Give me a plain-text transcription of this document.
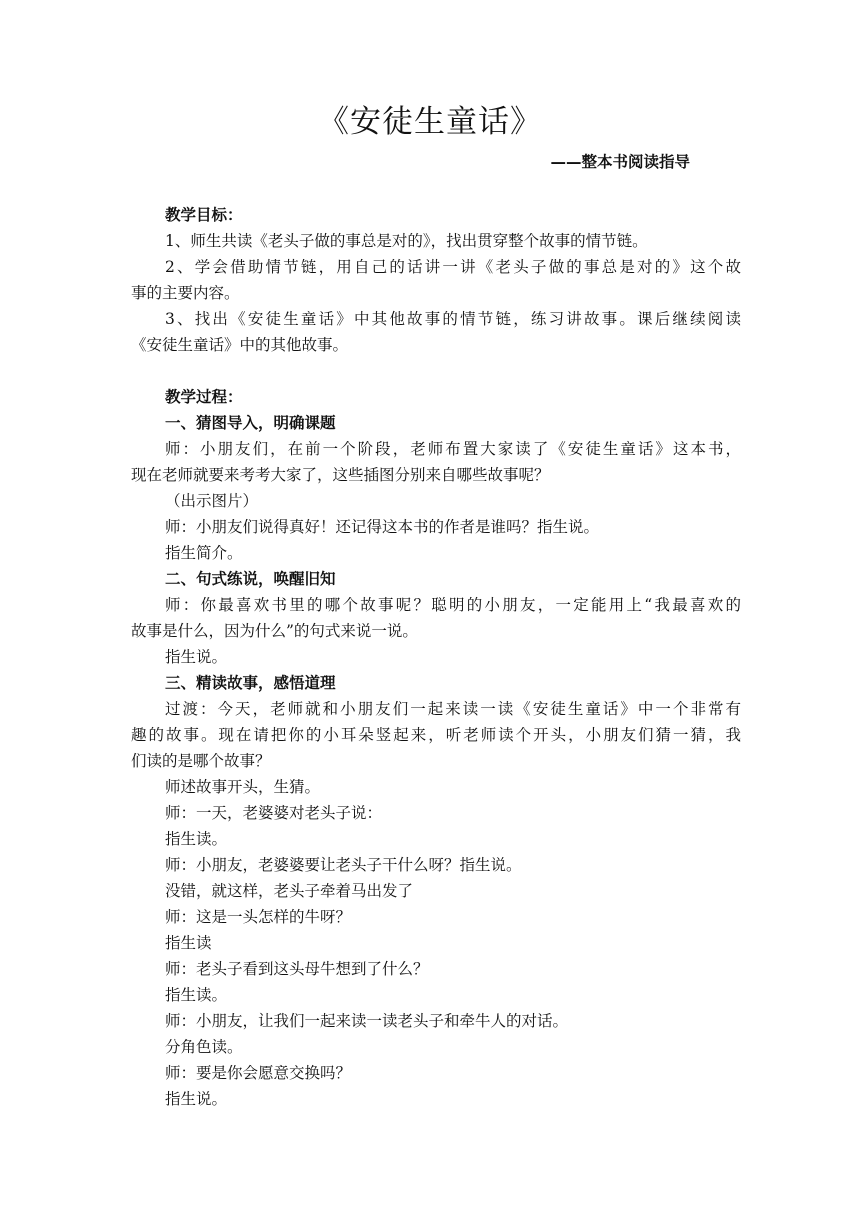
《安徒生童话》
——整本书阅读指导
教学目标：
1、师生共读《老头子做的事总是对的》，找出贯穿整个故事的情节链。
2、学会借助情节链，用自己的话讲一讲《老头子做的事总是对的》这个故
事的主要内容。
3、找出《安徒生童话》中其他故事的情节链，练习讲故事。课后继续阅读
《安徒生童话》中的其他故事。
教学过程：
一、猜图导入，明确课题
师：小朋友们，在前一个阶段，老师布置大家读了《安徒生童话》这本书，
现在老师就要来考考大家了，这些插图分别来自哪些故事呢？
（出示图片）
师：小朋友们说得真好！还记得这本书的作者是谁吗？指生说。
指生简介。
二、句式练说，唤醒旧知
师：你最喜欢书里的哪个故事呢？聪明的小朋友，一定能用上“我最喜欢的
故事是什么，因为什么”的句式来说一说。
指生说。
三、精读故事，感悟道理
过渡：今天，老师就和小朋友们一起来读一读《安徒生童话》中一个非常有
趣的故事。现在请把你的小耳朵竖起来，听老师读个开头，小朋友们猜一猜，我
们读的是哪个故事？
师述故事开头，生猜。
师：一天，老婆婆对老头子说：
指生读。
师：小朋友，老婆婆要让老头子干什么呀？指生说。
没错，就这样，老头子牵着马出发了
师：这是一头怎样的牛呀？
指生读
师：老头子看到这头母牛想到了什么？
指生读。
师：小朋友，让我们一起来读一读老头子和牵牛人的对话。
分角色读。
师：要是你会愿意交换吗？
指生说。
